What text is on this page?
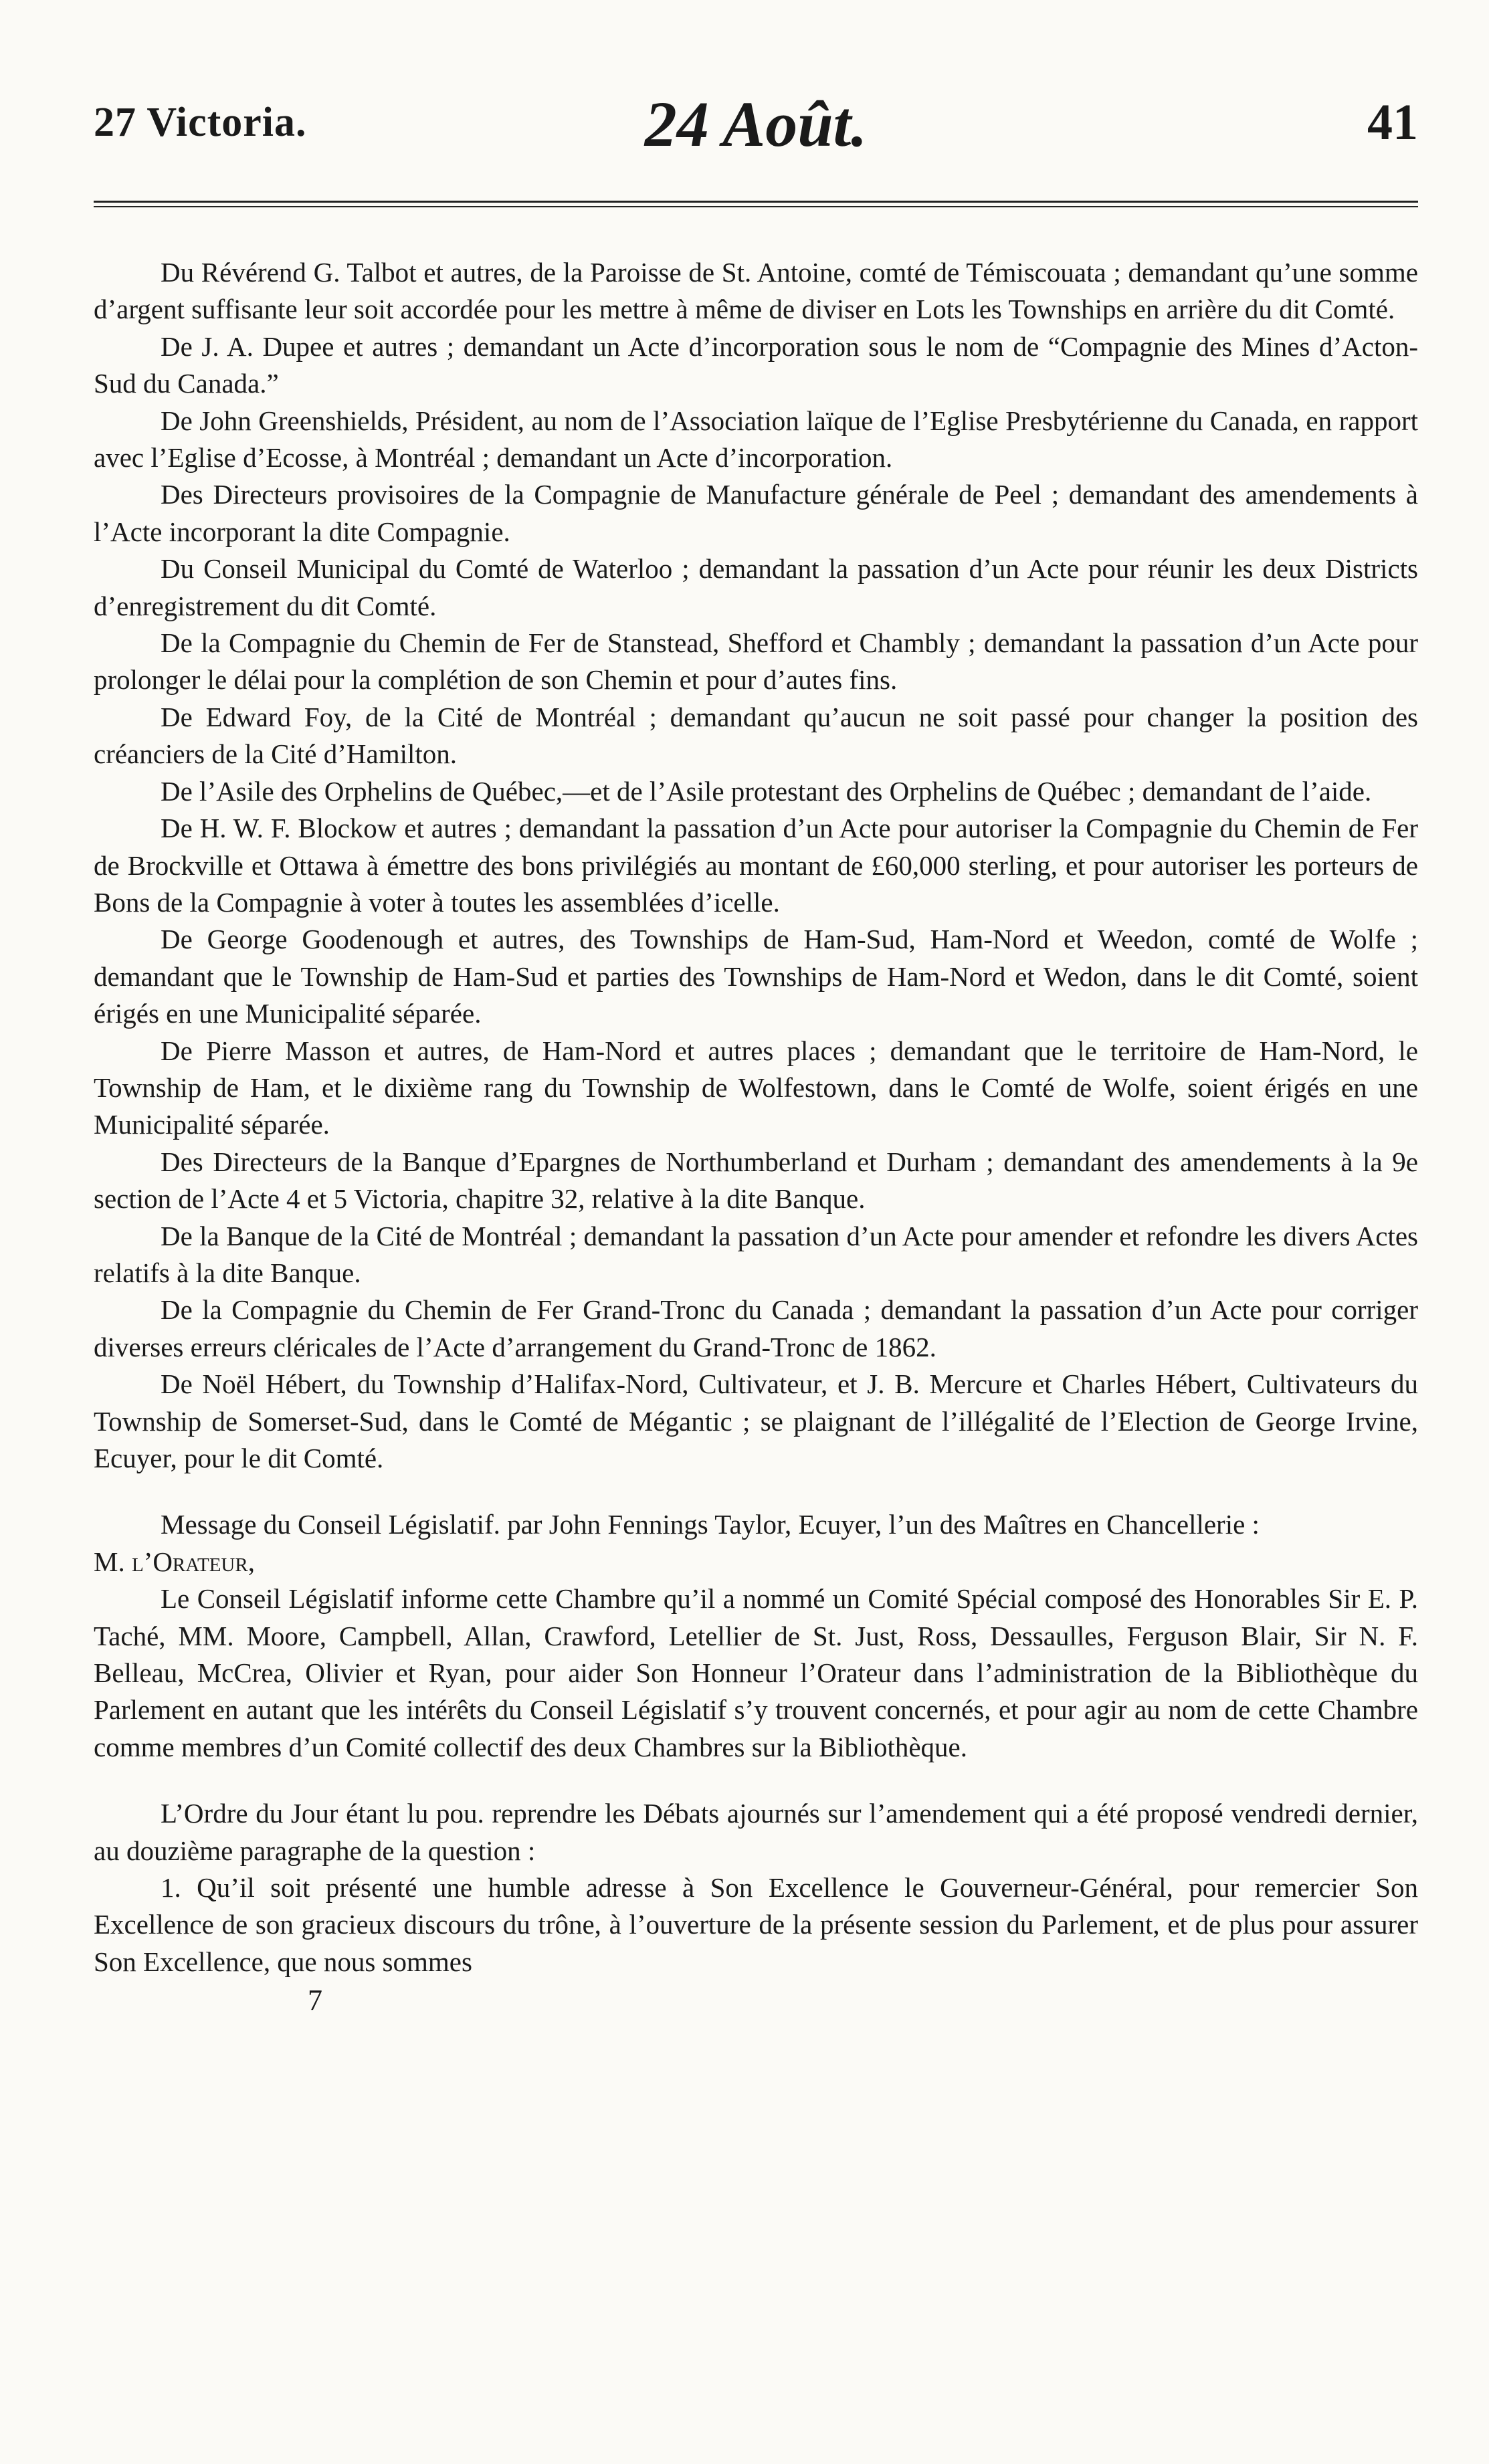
27 Victoria.	24 Août.	41

Du Révérend G. Talbot et autres, de la Paroisse de St. Antoine, comté de Témiscouata ; demandant qu’une somme d’argent suffisante leur soit accordée pour les mettre à même de diviser en Lots les Townships en arrière du dit Comté.

De J. A. Dupee et autres ; demandant un Acte d’incorporation sous le nom de “Compagnie des Mines d’Acton-Sud du Canada.”

De John Greenshields, Président, au nom de l’Association laïque de l’Eglise Presbytérienne du Canada, en rapport avec l’Eglise d’Ecosse, à Montréal ; demandant un Acte d’incorporation.

Des Directeurs provisoires de la Compagnie de Manufacture générale de Peel ; demandant des amendements à l’Acte incorporant la dite Compagnie.

Du Conseil Municipal du Comté de Waterloo ; demandant la passation d’un Acte pour réunir les deux Districts d’enregistrement du dit Comté.

De la Compagnie du Chemin de Fer de Stanstead, Shefford et Chambly ; demandant la passation d’un Acte pour prolonger le délai pour la complétion de son Chemin et pour d’autes fins.

De Edward Foy, de la Cité de Montréal ; demandant qu’aucun ne soit passé pour changer la position des créanciers de la Cité d’Hamilton.

De l’Asile des Orphelins de Québec,—et de l’Asile protestant des Orphelins de Québec ; demandant de l’aide.

De H. W. F. Blockow et autres ; demandant la passation d’un Acte pour autoriser la Compagnie du Chemin de Fer de Brockville et Ottawa à émettre des bons privilégiés au montant de £60,000 sterling, et pour autoriser les porteurs de Bons de la Compagnie à voter à toutes les assemblées d’icelle.

De George Goodenough et autres, des Townships de Ham-Sud, Ham-Nord et Weedon, comté de Wolfe ; demandant que le Township de Ham-Sud et parties des Townships de Ham-Nord et Wedon, dans le dit Comté, soient érigés en une Municipalité séparée.

De Pierre Masson et autres, de Ham-Nord et autres places ; demandant que le territoire de Ham-Nord, le Township de Ham, et le dixième rang du Township de Wolfestown, dans le Comté de Wolfe, soient érigés en une Municipalité séparée.

Des Directeurs de la Banque d’Epargnes de Northumberland et Durham ; demandant des amendements à la 9e section de l’Acte 4 et 5 Victoria, chapitre 32, relative à la dite Banque.

De la Banque de la Cité de Montréal ; demandant la passation d’un Acte pour amender et refondre les divers Actes relatifs à la dite Banque.

De la Compagnie du Chemin de Fer Grand-Tronc du Canada ; demandant la passation d’un Acte pour corriger diverses erreurs cléricales de l’Acte d’arrangement du Grand-Tronc de 1862.

De Noël Hébert, du Township d’Halifax-Nord, Cultivateur, et J. B. Mercure et Charles Hébert, Cultivateurs du Township de Somerset-Sud, dans le Comté de Mégantic ; se plaignant de l’illégalité de l’Election de George Irvine, Ecuyer, pour le dit Comté.

Message du Conseil Législatif. par John Fennings Taylor, Ecuyer, l’un des Maîtres en Chancellerie :

M. l’Orateur,

Le Conseil Législatif informe cette Chambre qu’il a nommé un Comité Spécial composé des Honorables Sir E. P. Taché, MM. Moore, Campbell, Allan, Crawford, Letellier de St. Just, Ross, Dessaulles, Ferguson Blair, Sir N. F. Belleau, McCrea, Olivier et Ryan, pour aider Son Honneur l’Orateur dans l’administration de la Bibliothèque du Parlement en autant que les intérêts du Conseil Législatif s’y trouvent concernés, et pour agir au nom de cette Chambre comme membres d’un Comité collectif des deux Chambres sur la Bibliothèque.

L’Ordre du Jour étant lu pou. reprendre les Débats ajournés sur l’amendement qui a été proposé vendredi dernier, au douzième paragraphe de la question :

1. Qu’il soit présenté une humble adresse à Son Excellence le Gouverneur-Général, pour remercier Son Excellence de son gracieux discours du trône, à l’ouverture de la présente session du Parlement, et de plus pour assurer Son Excellence, que nous sommes

7
